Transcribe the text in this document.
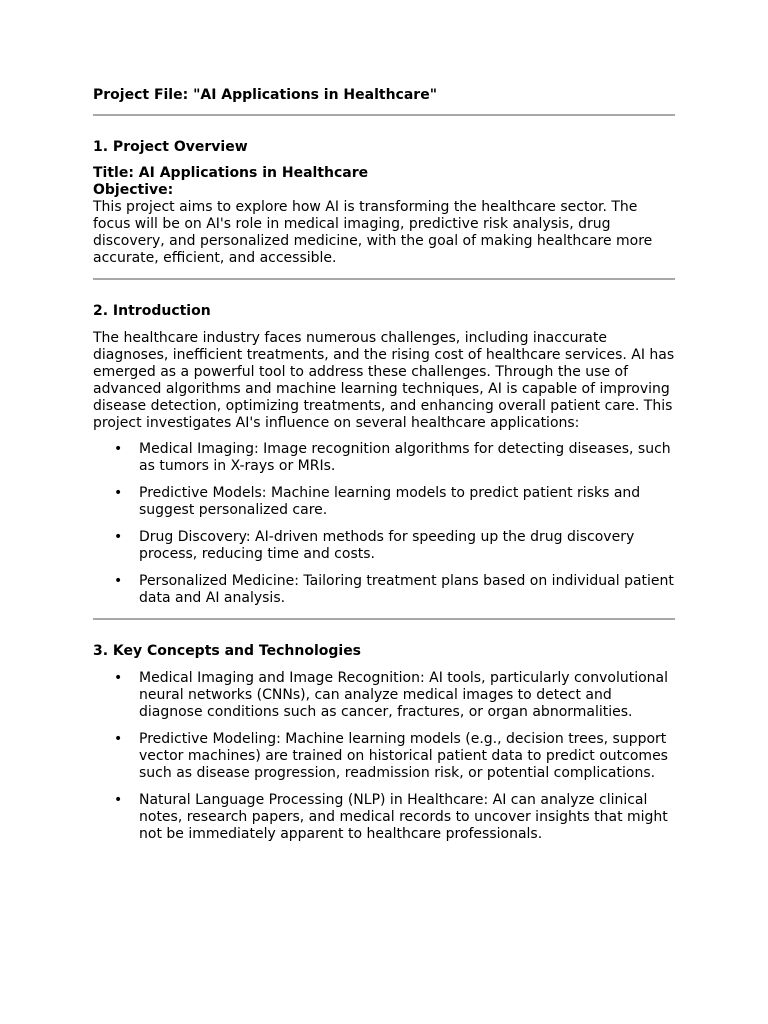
Project File: "AI Applications in Healthcare"
1. Project Overview
Title: AI Applications in Healthcare
Objective:

This project aims to explore how AI is transforming the healthcare sector. The focus will be on AI's role in medical imaging, predictive risk analysis, drug discovery, and personalized medicine, with the goal of making healthcare more accurate, efficient, and accessible.

2. Introduction

The healthcare industry faces numerous challenges, including inaccurate diagnoses, inefficient treatments, and the rising cost of healthcare services. AI has emerged as a powerful tool to address these challenges. Through the use of advanced algorithms and machine learning techniques, AI is capable of improving disease detection, optimizing treatments, and enhancing overall patient care. This project investigates AI's influence on several healthcare applications:

• Medical Imaging: Image recognition algorithms for detecting diseases, such as tumors in X-rays or MRIs.
• Predictive Models: Machine learning models to predict patient risks and suggest personalized care.
• Drug Discovery: AI-driven methods for speeding up the drug discovery process, reducing time and costs.
• Personalized Medicine: Tailoring treatment plans based on individual patient data and AI analysis.
3. Key Concepts and Technologies
• Medical Imaging and Image Recognition: AI tools, particularly convolutional neural networks (CNNs), can analyze medical images to detect and diagnose conditions such as cancer, fractures, or organ abnormalities.
• Predictive Modeling: Machine learning models (e.g., decision trees, support vector machines) are trained on historical patient data to predict outcomes such as disease progression, readmission risk, or potential complications.
• Natural Language Processing (NLP) in Healthcare: AI can analyze clinical notes, research papers, and medical records to uncover insights that might not be immediately apparent to healthcare professionals.
